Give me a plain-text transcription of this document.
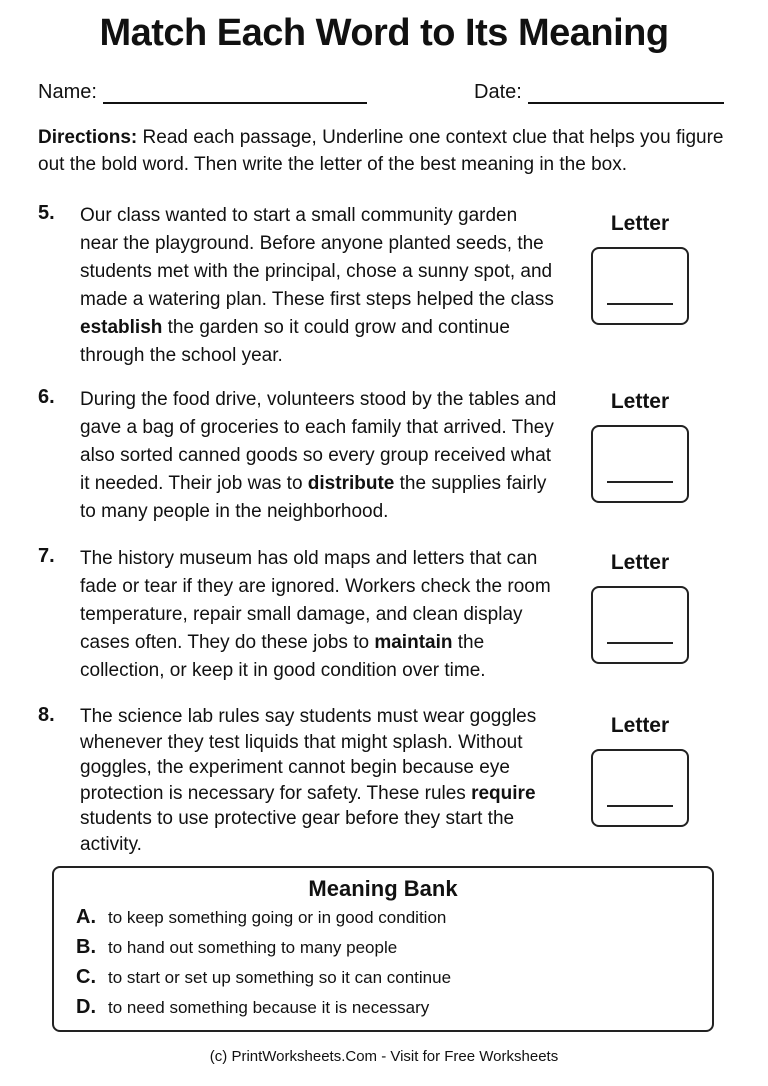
Match Each Word to Its Meaning
Name:	Date:
Directions: Read each passage, Underline one context clue that helps you figure out the bold word. Then write the letter of the best meaning in the box.
5. Our class wanted to start a small community garden near the playground. Before anyone planted seeds, the students met with the principal, chose a sunny spot, and made a watering plan. These first steps helped the class establish the garden so it could grow and continue through the school year.
Letter
6. During the food drive, volunteers stood by the tables and gave a bag of groceries to each family that arrived. They also sorted canned goods so every group received what it needed. Their job was to distribute the supplies fairly to many people in the neighborhood.
Letter
7. The history museum has old maps and letters that can fade or tear if they are ignored. Workers check the room temperature, repair small damage, and clean display cases often. They do these jobs to maintain the collection, or keep it in good condition over time.
Letter
8. The science lab rules say students must wear goggles whenever they test liquids that might splash. Without goggles, the experiment cannot begin because eye protection is necessary for safety. These rules require students to use protective gear before they start the activity.
Letter
Meaning Bank
A. to keep something going or in good condition
B. to hand out something to many people
C. to start or set up something so it can continue
D. to need something because it is necessary
(c) PrintWorksheets.Com - Visit for Free Worksheets
